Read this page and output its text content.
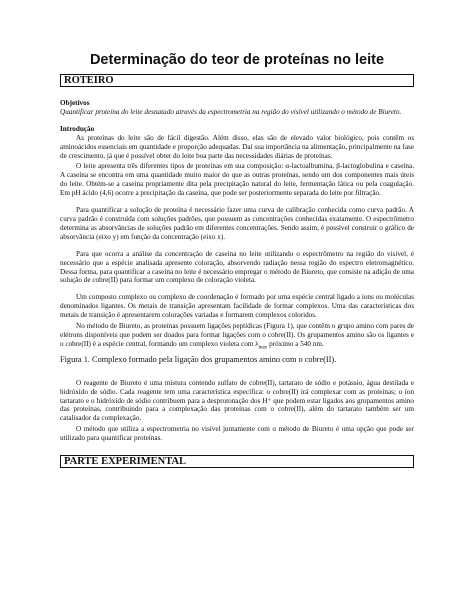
Determinação do teor de proteínas no leite
ROTEIRO
Objetivos
Quantificar proteína do leite desnatado através da espectrometria na região do visível utilizando o método de Biureto.
Introdução

As proteínas do leite são de fácil digestão. Além disso, elas são de elevado valor biológico, pois contêm os aminoácidos essenciais em quantidade e proporção adequadas. Daí sua importância na alimentação, principalmente na fase de crescimento, já que é possível obter do leite boa parte das necessidades diárias de proteínas.

O leite apresenta três diferentes tipos de proteínas em sua composição: α-lactoalbumina, β-lactoglobulina e caseína. A caseína se encontra em uma quantidade muito maior do que as outras proteínas, sendo um dos componentes mais úteis do leite. Obtém-se a caseína propriamente dita pela precipitação natural do leite, fermentação lática ou pela coagulação. Em pH ácido (4,6) ocorre a precipitação da caseína, que pode ser posteriormente separada do leite por filtração.

Para quantificar a solução de proteína é necessário fazer uma curva de calibração conhecida como curva padrão. A curva padrão é construída com soluções padrões, que possuem as concentrações conhecidas exatamente. O espectrômetro determina as absorvâncias de soluções padrão em diferentes concentrações. Sendo assim, é possível construir o gráfico de absorvância (eixo y) em função da concentração (eixo x).

Para que ocorra a análise da concentração de caseína no leite utilizando o espectrômetro na região do visível, é necessário que a espécie analisada apresente coloração, absorvendo radiação nessa região do espectro eletromagnético. Dessa forma, para quantificar a caseína no leite é necessário empregar o método de Biureto, que consiste na adição de uma solução de cobre(II) para formar um complexo de coloração violeta.

Um composto complexo ou complexo de coordenação é formado por uma espécie central ligado a íons ou moléculas denominados ligantes. Os metais de transição apresentam facilidade de formar complexos. Uma das características dos metais de transição é apresentarem colorações variadas e formarem complexos coloridos.

No método de Biureto, as proteínas possuem ligações peptídicas (Figura 1), que contêm o grupo amino com pares de elétrons disponíveis que podem ser doados para formar ligações com o cobre(II). Os grupamentos amino são os ligantes e o cobre(II) é a espécie central, formando um complexo violeta com $\lambda_{máx}$ próximo a 540 nm.

Figura 1. Complexo formado pela ligação dos grupamentos amino com o cobre(II).

O reagente de Biureto é uma mistura contendo sulfato de cobre(II), tartarato de sódio e potássio, água destilada e hidróxido de sódio. Cada reagente tem uma característica específica: o cobre(II) irá complexar com as proteínas; o íon tartarato e o hidróxido de sódio contribuem para a desprotonação dos H⁺ que podem estar ligados aos grupamentos amino das proteínas, contribuindo para a complexação das proteínas com o cobre(II), além do tartarato também ser um catalisador da complexação.

O método que utiliza a espectrometria no visível juntamente com o método de Biureto é uma opção que pode ser utilizado para quantificar proteínas.

PARTE EXPERIMENTAL
